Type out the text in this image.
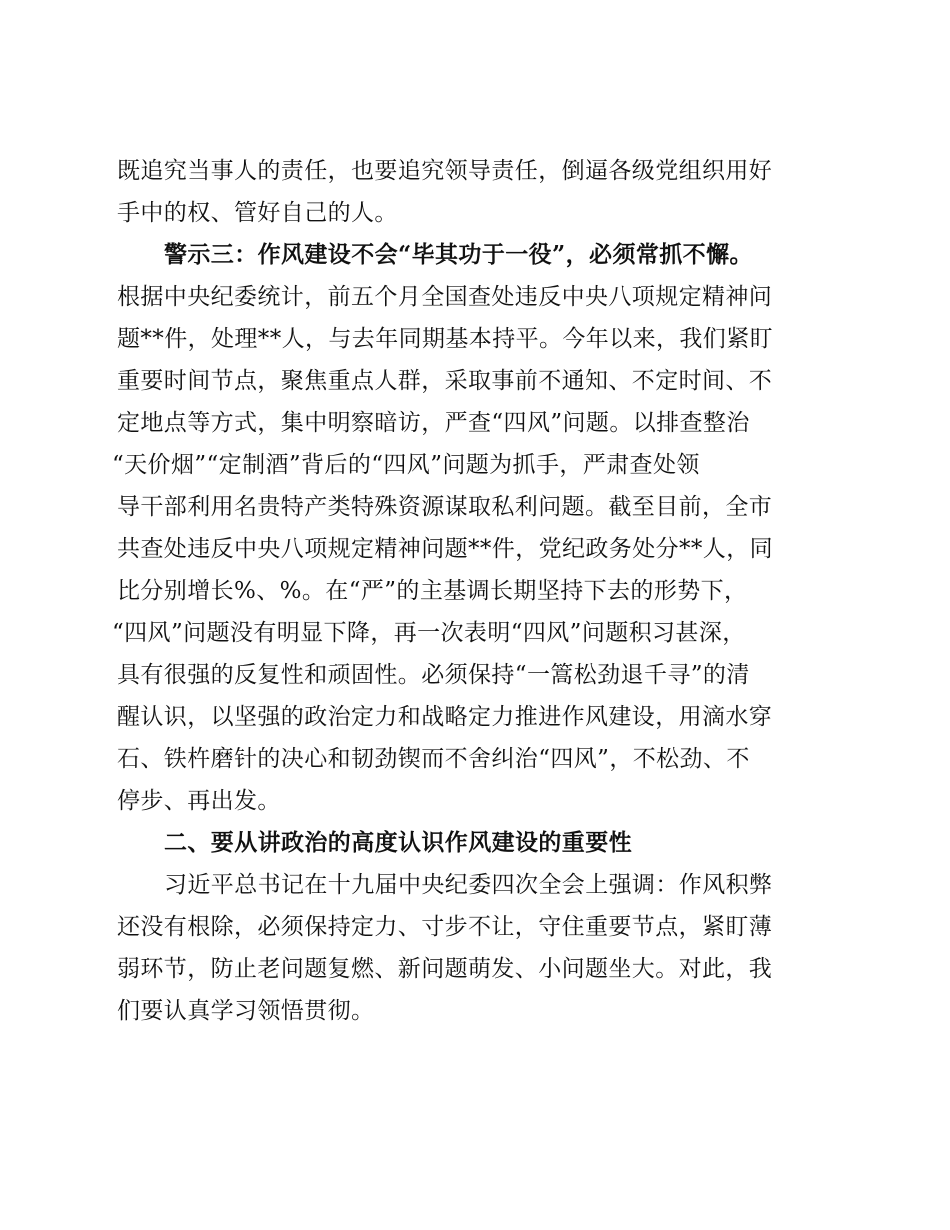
既追究当事人的责任，也要追究领导责任，倒逼各级党组织用好
手中的权、管好自己的人。
警示三：作风建设不会“毕其功于一役”，必须常抓不懈。
根据中央纪委统计，前五个月全国查处违反中央八项规定精神问
题**件，处理**人，与去年同期基本持平。今年以来，我们紧盯
重要时间节点，聚焦重点人群，采取事前不通知、不定时间、不
定地点等方式，集中明察暗访，严查“四风”问题。以排查整治
“天价烟”“定制酒”背后的“四风”问题为抓手，严肃查处领
导干部利用名贵特产类特殊资源谋取私利问题。截至目前，全市
共查处违反中央八项规定精神问题**件，党纪政务处分**人，同
比分别增长%、%。在“严”的主基调长期坚持下去的形势下，
“四风”问题没有明显下降，再一次表明“四风”问题积习甚深，
具有很强的反复性和顽固性。必须保持“一篙松劲退千寻”的清
醒认识，以坚强的政治定力和战略定力推进作风建设，用滴水穿
石、铁杵磨针的决心和韧劲锲而不舍纠治“四风”，不松劲、不
停步、再出发。
二、要从讲政治的高度认识作风建设的重要性
习近平总书记在十九届中央纪委四次全会上强调：作风积弊
还没有根除，必须保持定力、寸步不让，守住重要节点，紧盯薄
弱环节，防止老问题复燃、新问题萌发、小问题坐大。对此，我
们要认真学习领悟贯彻。
